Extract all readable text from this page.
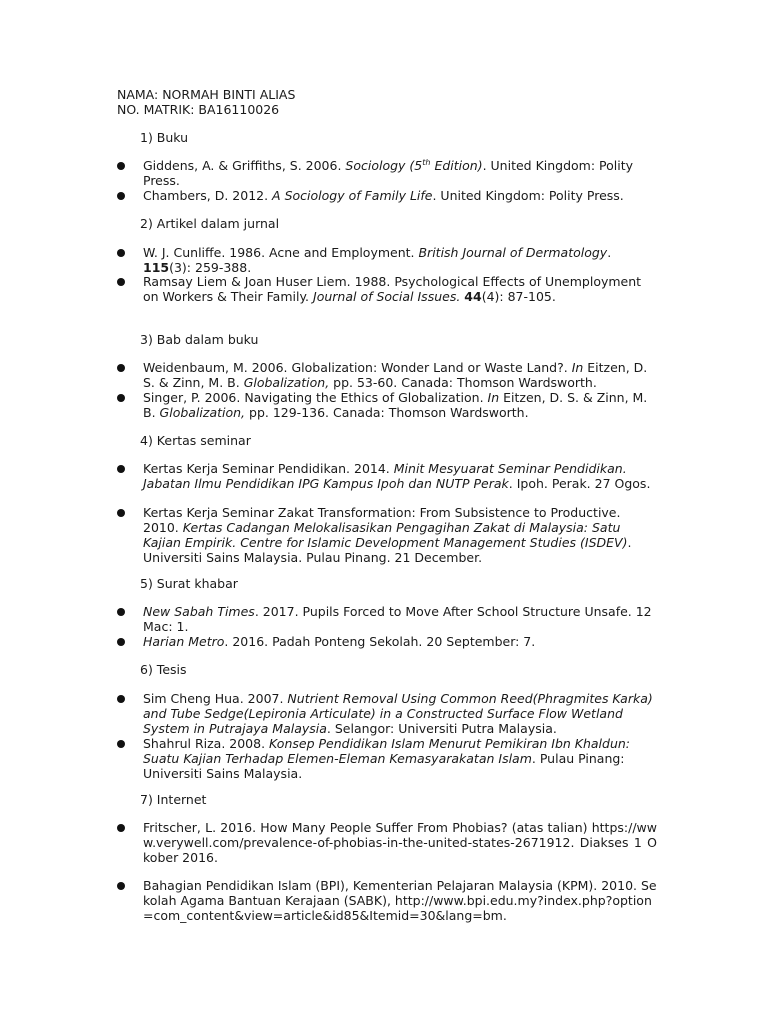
NAMA: NORMAH BINTI ALIAS
NO. MATRIK: BA16110026
1) Buku
Giddens, A. & Griffiths, S. 2006. Sociology (5th Edition). United Kingdom: Polity Press.
Chambers, D. 2012. A Sociology of Family Life. United Kingdom: Polity Press.
2) Artikel dalam jurnal
W. J. Cunliffe. 1986. Acne and Employment. British Journal of Dermatology. 115(3): 259-388.
Ramsay Liem & Joan Huser Liem. 1988. Psychological Effects of Unemployment on Workers & Their Family. Journal of Social Issues. 44(4): 87-105.
3) Bab dalam buku
Weidenbaum, M. 2006. Globalization: Wonder Land or Waste Land?. In Eitzen, D. S. & Zinn, M. B. Globalization, pp. 53-60. Canada: Thomson Wardsworth.
Singer, P. 2006. Navigating the Ethics of Globalization. In Eitzen, D. S. & Zinn, M. B. Globalization, pp. 129-136. Canada: Thomson Wardsworth.
4) Kertas seminar
Kertas Kerja Seminar Pendidikan. 2014. Minit Mesyuarat Seminar Pendidikan. Jabatan Ilmu Pendidikan IPG Kampus Ipoh dan NUTP Perak. Ipoh. Perak. 27 Ogos.
Kertas Kerja Seminar Zakat Transformation: From Subsistence to Productive. 2010. Kertas Cadangan Melokalisasikan Pengagihan Zakat di Malaysia: Satu Kajian Empirik. Centre for Islamic Development Management Studies (ISDEV). Universiti Sains Malaysia. Pulau Pinang. 21 December.
5) Surat khabar
New Sabah Times. 2017. Pupils Forced to Move After School Structure Unsafe. 12 Mac: 1.
Harian Metro. 2016. Padah Ponteng Sekolah. 20 September: 7.
6) Tesis
Sim Cheng Hua. 2007. Nutrient Removal Using Common Reed(Phragmites Karka) and Tube Sedge(Lepironia Articulate) in a Constructed Surface Flow Wetland System in Putrajaya Malaysia. Selangor: Universiti Putra Malaysia.
Shahrul Riza. 2008. Konsep Pendidikan Islam Menurut Pemikiran Ibn Khaldun: Suatu Kajian Terhadap Elemen-Eleman Kemasyarakatan Islam. Pulau Pinang: Universiti Sains Malaysia.
7) Internet
Fritscher, L. 2016. How Many People Suffer From Phobias? (atas talian) https://www.verywell.com/prevalence-of-phobias-in-the-united-states-2671912. Diakses 1 Okober 2016.
Bahagian Pendidikan Islam (BPI), Kementerian Pelajaran Malaysia (KPM). 2010. Sekolah Agama Bantuan Kerajaan (SABK), http://www.bpi.edu.my?index.php?option=com_content&view=article&id85&Itemid=30&lang=bm.
